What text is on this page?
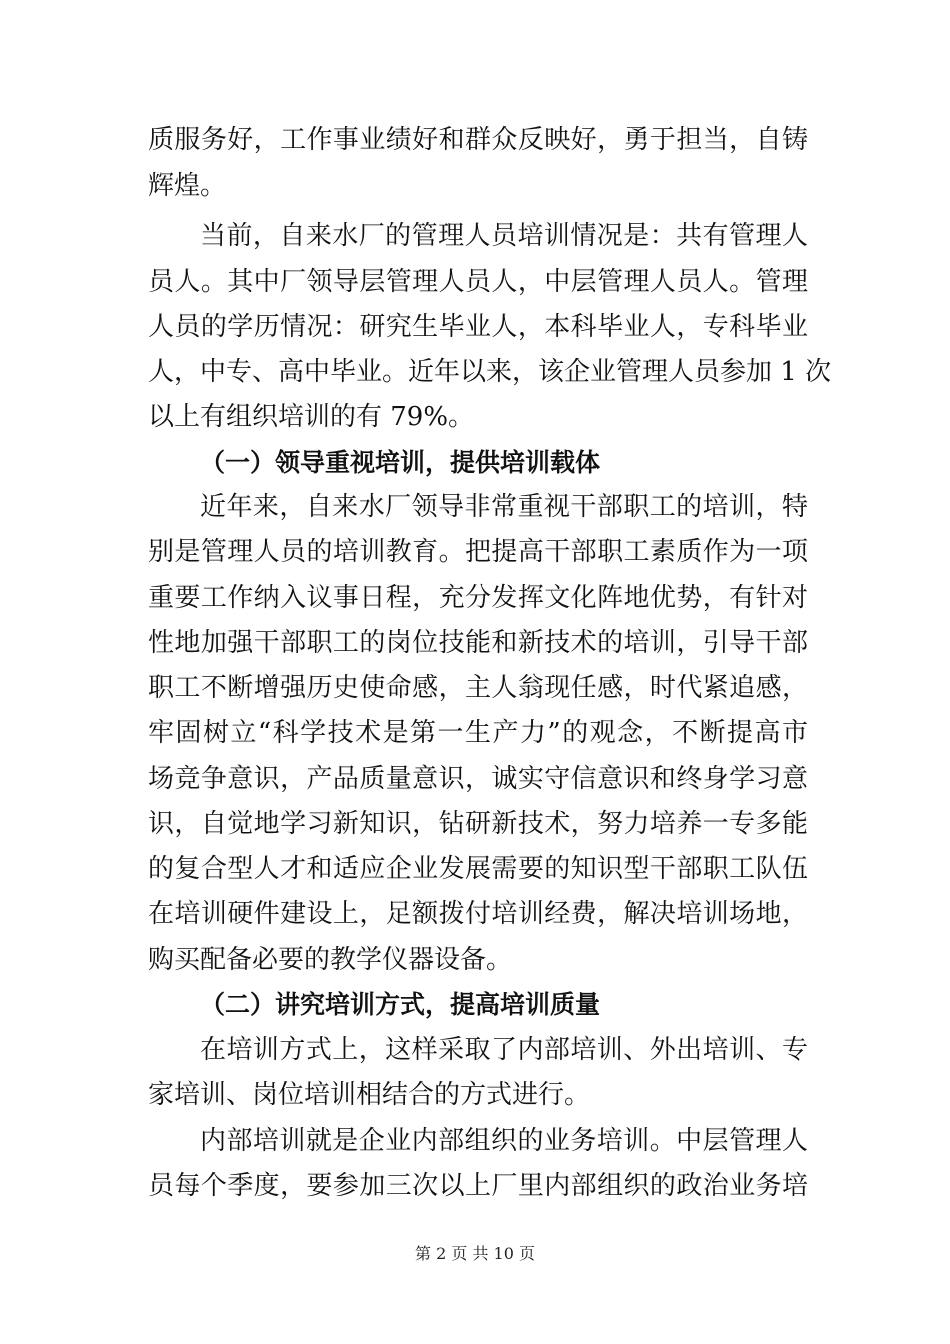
质服务好，工作事业绩好和群众反映好，勇于担当，自铸
辉煌。
当前，自来水厂的管理人员培训情况是：共有管理人
员人。其中厂领导层管理人员人，中层管理人员人。管理
人员的学历情况：研究生毕业人，本科毕业人，专科毕业
人，中专、高中毕业。近年以来，该企业管理人员参加 1 次
以上有组织培训的有 79%。
（一）领导重视培训，提供培训载体
近年来，自来水厂领导非常重视干部职工的培训，特
别是管理人员的培训教育。把提高干部职工素质作为一项
重要工作纳入议事日程，充分发挥文化阵地优势，有针对
性地加强干部职工的岗位技能和新技术的培训，引导干部
职工不断增强历史使命感，主人翁现任感，时代紧追感，
牢固树立“科学技术是第一生产力”的观念，不断提高市
场竞争意识，产品质量意识，诚实守信意识和终身学习意
识，自觉地学习新知识，钻研新技术，努力培养一专多能
的复合型人才和适应企业发展需要的知识型干部职工队伍
在培训硬件建设上，足额拨付培训经费，解决培训场地，
购买配备必要的教学仪器设备。
（二）讲究培训方式，提高培训质量
在培训方式上，这样采取了内部培训、外出培训、专
家培训、岗位培训相结合的方式进行。
内部培训就是企业内部组织的业务培训。中层管理人
员每个季度，要参加三次以上厂里内部组织的政治业务培
第 2 页 共 10 页
